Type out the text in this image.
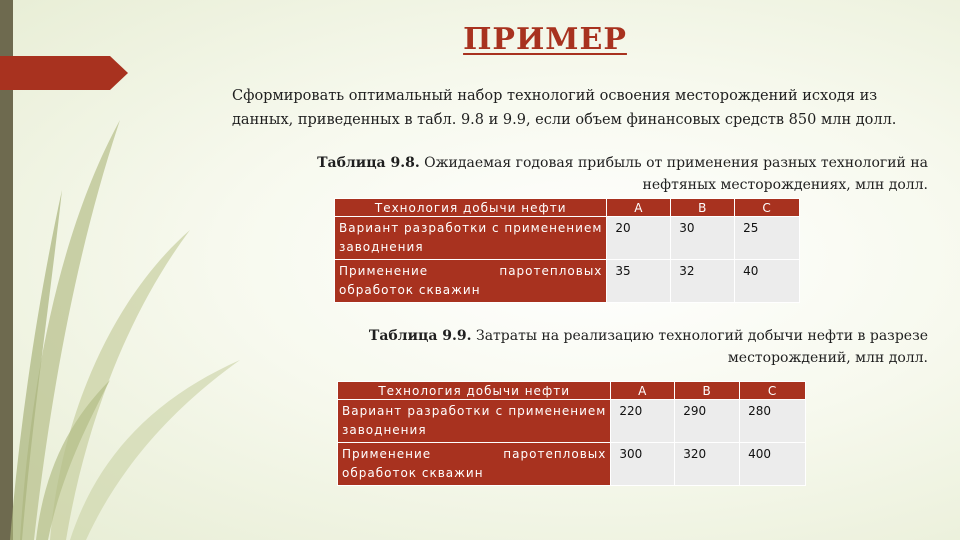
ПРИМЕР
Сформировать оптимальный набор технологий освоения месторождений исходя из данных, приведенных в табл. 9.8 и 9.9, если объем финансовых средств 850 млн долл.
Таблица 9.8. Ожидаемая годовая прибыль от применения разных технологий на нефтяных месторождениях, млн долл.
Технология добычи нефти	А	В	С
Вариант разработки с применением заводнения	20	30	25
Применение паротепловых обработок скважин	35	32	40
Таблица 9.9. Затраты на реализацию технологий добычи нефти в разрезе месторождений, млн долл.
Технология добычи нефти	А	В	С
Вариант разработки с применением заводнения	220	290	280
Применение паротепловых обработок скважин	300	320	400
